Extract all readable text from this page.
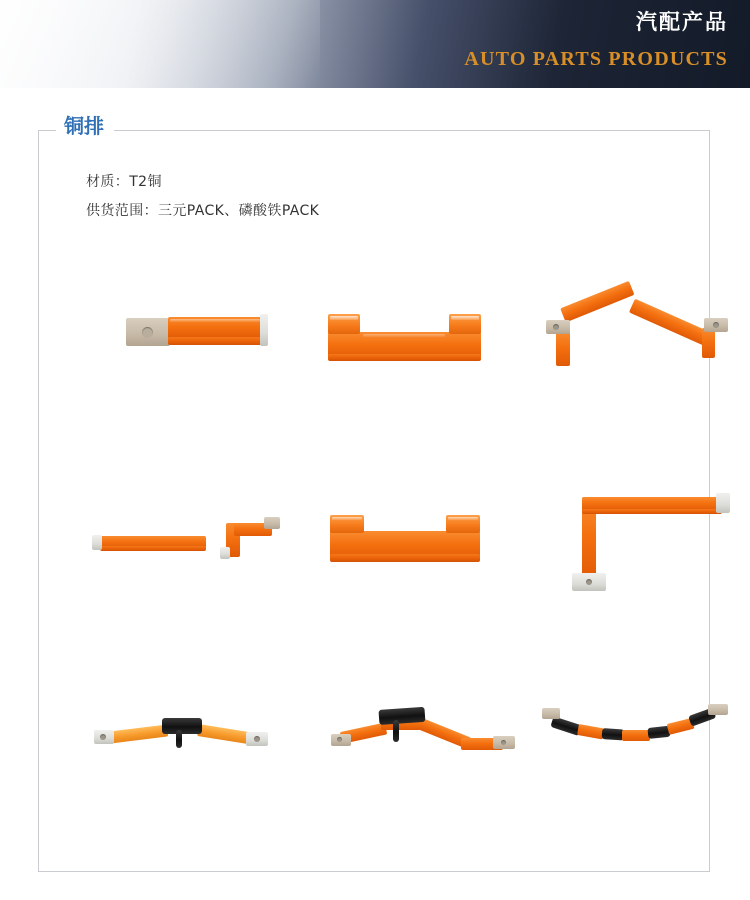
汽配产品
AUTO PARTS PRODUCTS
铜排
材质：T2铜
供货范围：三元PACK、磷酸铁PACK
